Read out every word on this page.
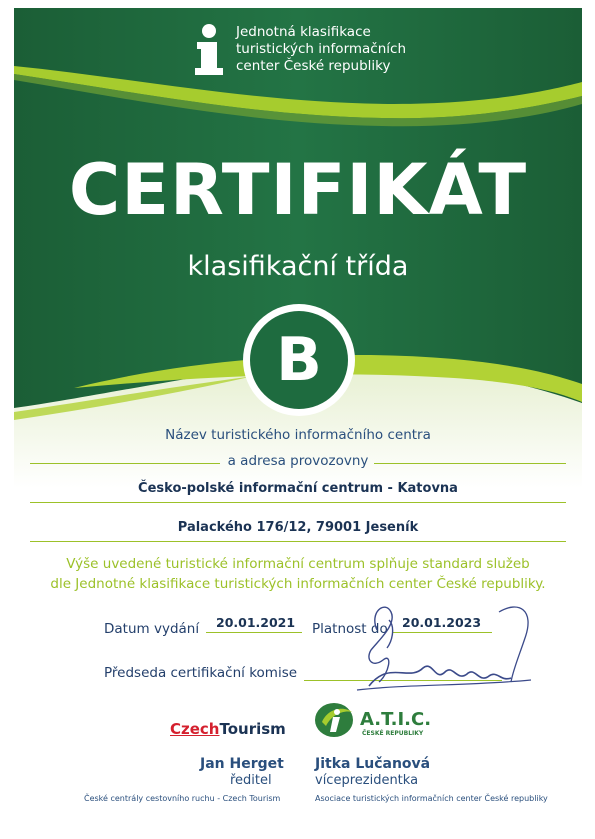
Jednotná klasifikace
turistických informačních
center České republiky
CERTIFIKÁT
klasifikační třída
B
Název turistického informačního centra
a adresa provozovny
Česko-polské informační centrum - Katovna
Palackého 176/12, 79001 Jeseník
Výše uvedené turistické informační centrum splňuje standard služeb
dle Jednotné klasifikace turistických informačních center České republiky.
Datum vydání 20.01.2021 Platnost do 20.01.2023
Předseda certifikační komise
CzechTourism	A.T.I.C.
ČESKÉ REPUBLIKY
Jan Herget
ředitel
České centrály cestovního ruchu - Czech Tourism
Jitka Lučanová
víceprezidentka
Asociace turistických informačních center České republiky
